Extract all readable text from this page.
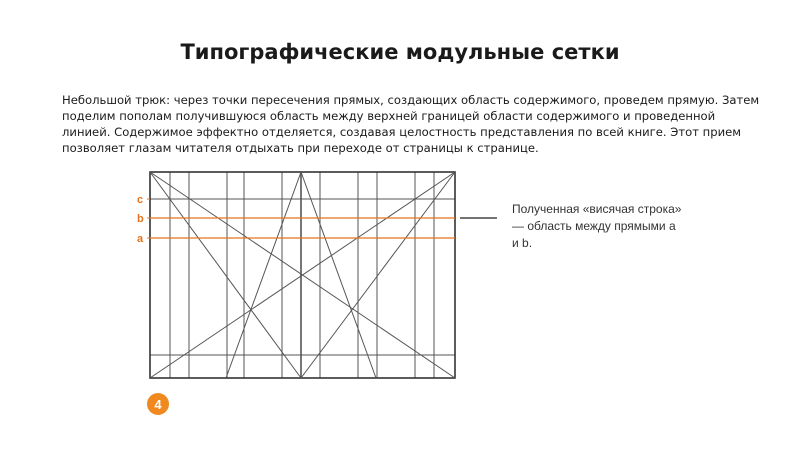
Типографические модульные сетки

Небольшой трюк: через точки пересечения прямых, создающих область содержимого, проведем прямую. Затем поделим пополам получившуюся область между верхней границей области содержимого и проведенной линией. Содержимое эффектно отделяется, создавая целостность представления по всей книге. Этот прием позволяет глазам читателя отдыхать при переходе от страницы к странице.

c
b
a

Полученная «висячая строка» — область между прямыми a и b.

4
